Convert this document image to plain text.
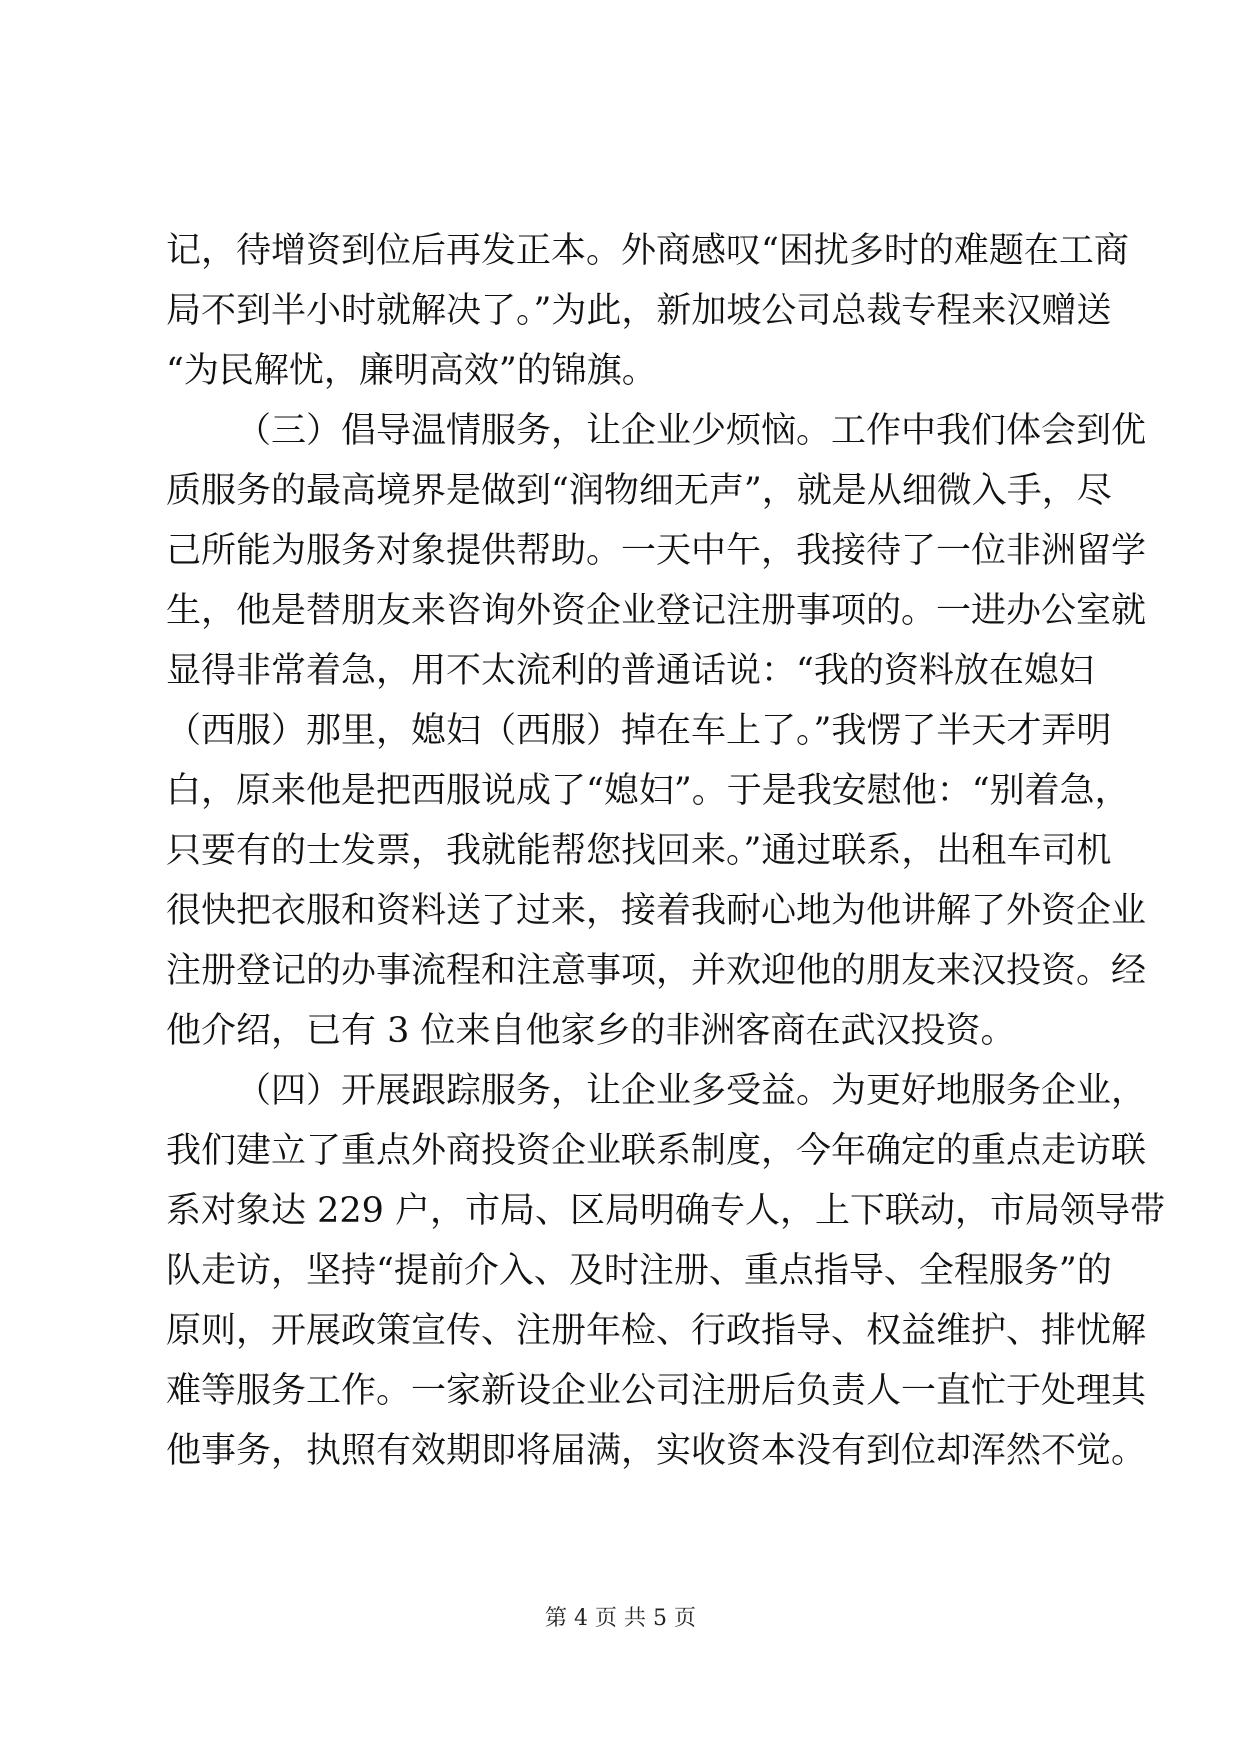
记，待增资到位后再发正本。外商感叹“困扰多时的难题在工商
局不到半小时就解决了。”为此，新加坡公司总裁专程来汉赠送
“为民解忧，廉明高效”的锦旗。
（三）倡导温情服务，让企业少烦恼。工作中我们体会到优
质服务的最高境界是做到“润物细无声”，就是从细微入手，尽
己所能为服务对象提供帮助。一天中午，我接待了一位非洲留学
生，他是替朋友来咨询外资企业登记注册事项的。一进办公室就
显得非常着急，用不太流利的普通话说：“我的资料放在媳妇
（西服）那里，媳妇（西服）掉在车上了。”我愣了半天才弄明
白，原来他是把西服说成了“媳妇”。于是我安慰他：“别着急，
只要有的士发票，我就能帮您找回来。”通过联系，出租车司机
很快把衣服和资料送了过来，接着我耐心地为他讲解了外资企业
注册登记的办事流程和注意事项，并欢迎他的朋友来汉投资。经
他介绍，已有 3 位来自他家乡的非洲客商在武汉投资。
（四）开展跟踪服务，让企业多受益。为更好地服务企业，
我们建立了重点外商投资企业联系制度，今年确定的重点走访联
系对象达 229 户，市局、区局明确专人，上下联动，市局领导带
队走访，坚持“提前介入、及时注册、重点指导、全程服务”的
原则，开展政策宣传、注册年检、行政指导、权益维护、排忧解
难等服务工作。一家新设企业公司注册后负责人一直忙于处理其
他事务，执照有效期即将届满，实收资本没有到位却浑然不觉。
第 4 页 共 5 页
